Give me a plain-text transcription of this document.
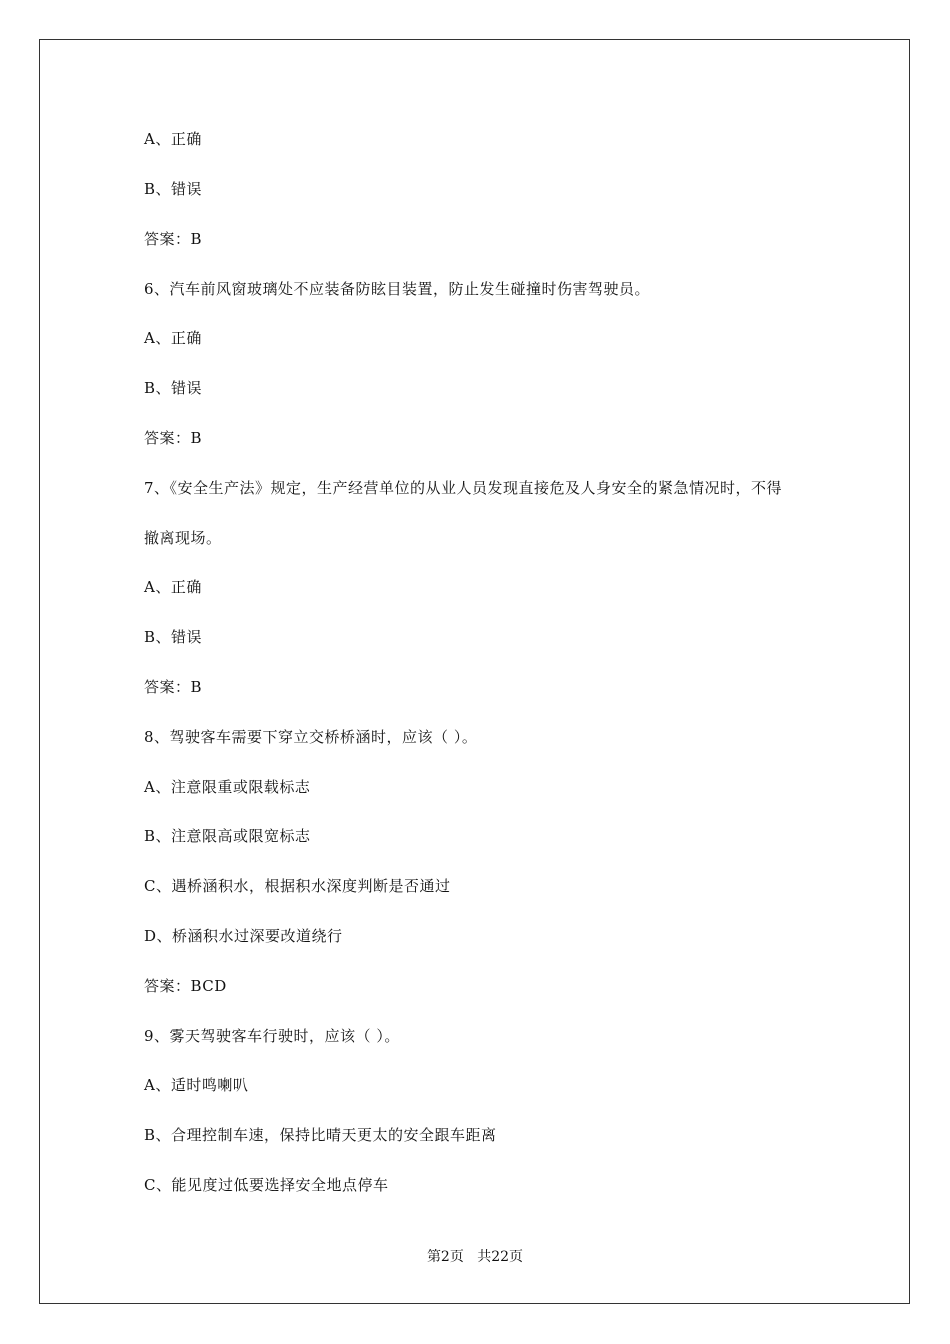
A、正确
B、错误
答案：B
6、汽车前风窗玻璃处不应装备防眩目装置，防止发生碰撞时伤害驾驶员。
A、正确
B、错误
答案：B
7、《安全生产法》规定，生产经营单位的从业人员发现直接危及人身安全的紧急情况时，不得
撤离现场。
A、正确
B、错误
答案：B
8、驾驶客车需要下穿立交桥桥涵时，应该（ ）。
A、注意限重或限载标志
B、注意限高或限宽标志
C、遇桥涵积水，根据积水深度判断是否通过
D、桥涵积水过深要改道绕行
答案：BCD
9、雾天驾驶客车行驶时，应该（ ）。
A、适时鸣喇叭
B、合理控制车速，保持比晴天更太的安全跟车距离
C、能见度过低要选择安全地点停车
第2页 共22页
